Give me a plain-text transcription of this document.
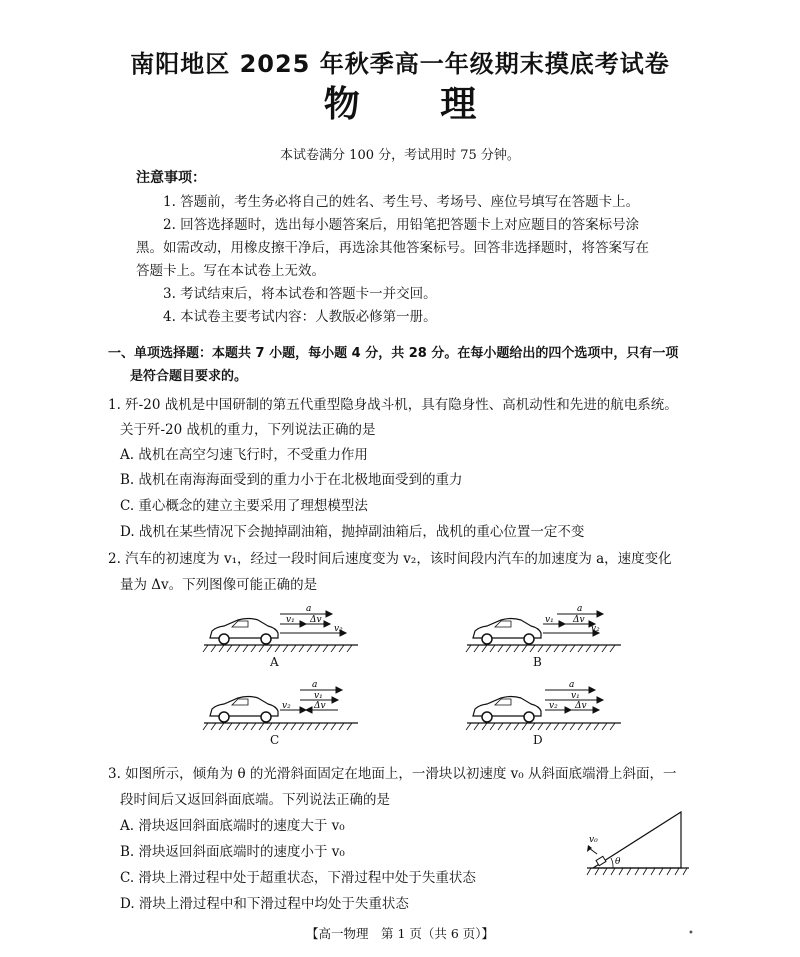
南阳地区 2025 年秋季高一年级期末摸底考试卷
物 理
本试卷满分 100 分，考试用时 75 分钟。
注意事项：
1. 答题前，考生务必将自己的姓名、考生号、考场号、座位号填写在答题卡上。
2. 回答选择题时，选出每小题答案后，用铅笔把答题卡上对应题目的答案标号涂
黑。如需改动，用橡皮擦干净后，再选涂其他答案标号。回答非选择题时，将答案写在
答题卡上。写在本试卷上无效。
3. 考试结束后，将本试卷和答题卡一并交回。
4. 本试卷主要考试内容：人教版必修第一册。
一、单项选择题：本题共 7 小题，每小题 4 分，共 28 分。在每小题给出的四个选项中，只有一项
是符合题目要求的。
1. 歼-20 战机是中国研制的第五代重型隐身战斗机，具有隐身性、高机动性和先进的航电系统。
关于歼-20 战机的重力，下列说法正确的是
A. 战机在高空匀速飞行时，不受重力作用
B. 战机在南海海面受到的重力小于在北极地面受到的重力
C. 重心概念的建立主要采用了理想模型法
D. 战机在某些情况下会抛掉副油箱，抛掉副油箱后，战机的重心位置一定不变
2. 汽车的初速度为 v₁，经过一段时间后速度变为 v₂，该时间段内汽车的加速度为 a，速度变化
量为 Δv。下列图像可能正确的是
a
v₁ Δv
v₂
A
a
v₁ Δv
v₂
B
a
v₁
v₂	Δv
C
a
v₁
v₂ Δv
D
3. 如图所示，倾角为 θ 的光滑斜面固定在地面上，一滑块以初速度 v₀ 从斜面底端滑上斜面，一
段时间后又返回斜面底端。下列说法正确的是
A. 滑块返回斜面底端时的速度大于 v₀
B. 滑块返回斜面底端时的速度小于 v₀
C. 滑块上滑过程中处于超重状态，下滑过程中处于失重状态
D. 滑块上滑过程中和下滑过程中均处于失重状态
v₀
θ
【高一物理　第 1 页（共 6 页）】	•
